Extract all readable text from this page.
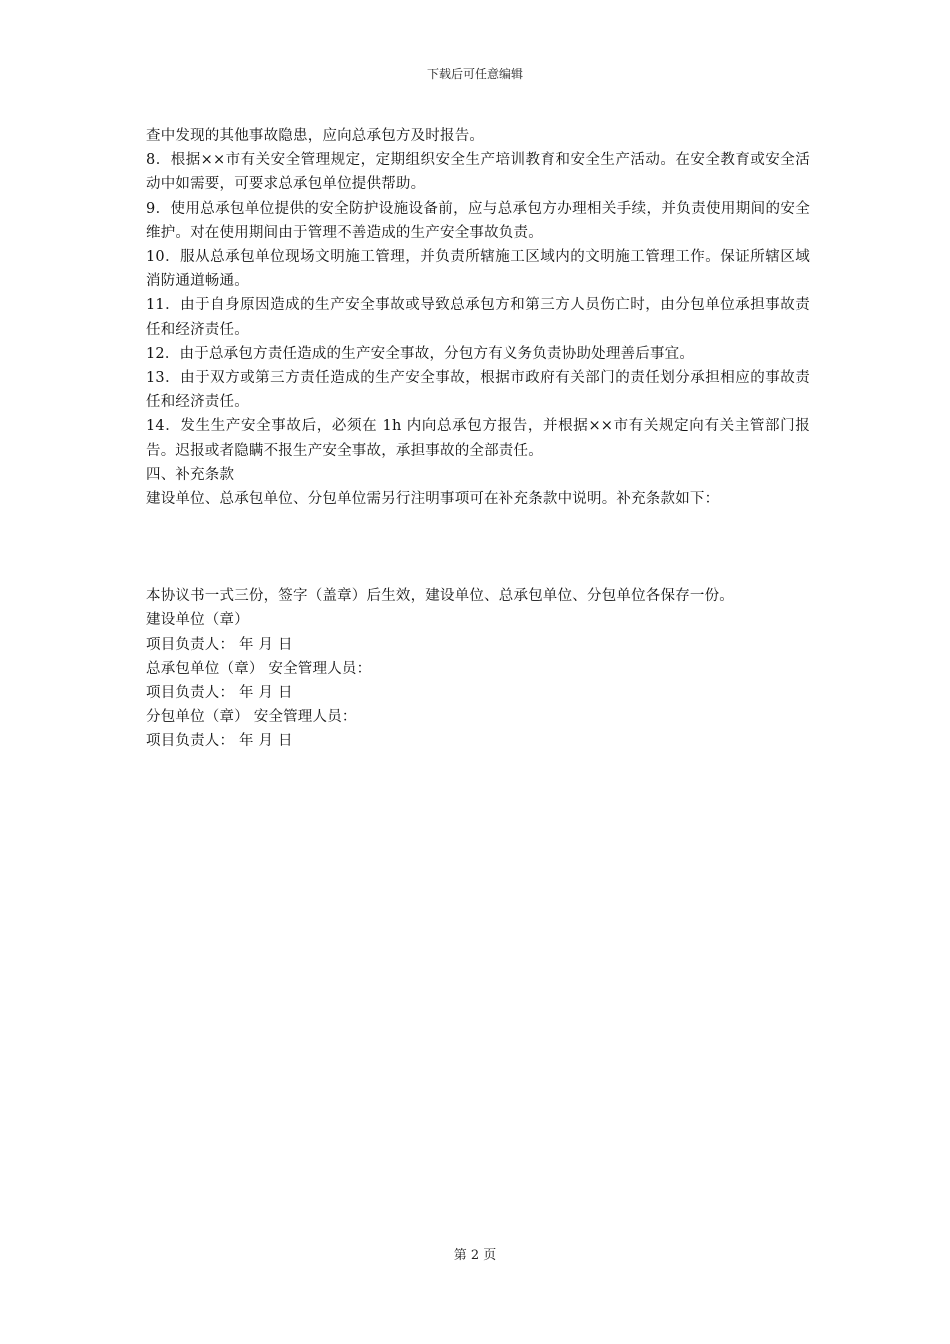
下载后可任意编辑

查中发现的其他事故隐患，应向总承包方及时报告。

8．根据××市有关安全管理规定，定期组织安全生产培训教育和安全生产活动。在安全教育或安全活动中如需要，可要求总承包单位提供帮助。

9．使用总承包单位提供的安全防护设施设备前，应与总承包方办理相关手续，并负责使用期间的安全维护。对在使用期间由于管理不善造成的生产安全事故负责。

10．服从总承包单位现场文明施工管理，并负责所辖施工区域内的文明施工管理工作。保证所辖区域消防通道畅通。

11．由于自身原因造成的生产安全事故或导致总承包方和第三方人员伤亡时，由分包单位承担事故责任和经济责任。

12．由于总承包方责任造成的生产安全事故，分包方有义务负责协助处理善后事宜。

13．由于双方或第三方责任造成的生产安全事故，根据市政府有关部门的责任划分承担相应的事故责任和经济责任。

14．发生生产安全事故后，必须在 1h 内向总承包方报告，并根据××市有关规定向有关主管部门报告。迟报或者隐瞒不报生产安全事故，承担事故的全部责任。

四、补充条款

建设单位、总承包单位、分包单位需另行注明事项可在补充条款中说明。补充条款如下：

本协议书一式三份，签字（盖章）后生效，建设单位、总承包单位、分包单位各保存一份。

建设单位（章）

项目负责人： 年 月 日

总承包单位（章） 安全管理人员：

项目负责人： 年 月 日

分包单位（章） 安全管理人员：

项目负责人： 年 月 日

第 2 页
